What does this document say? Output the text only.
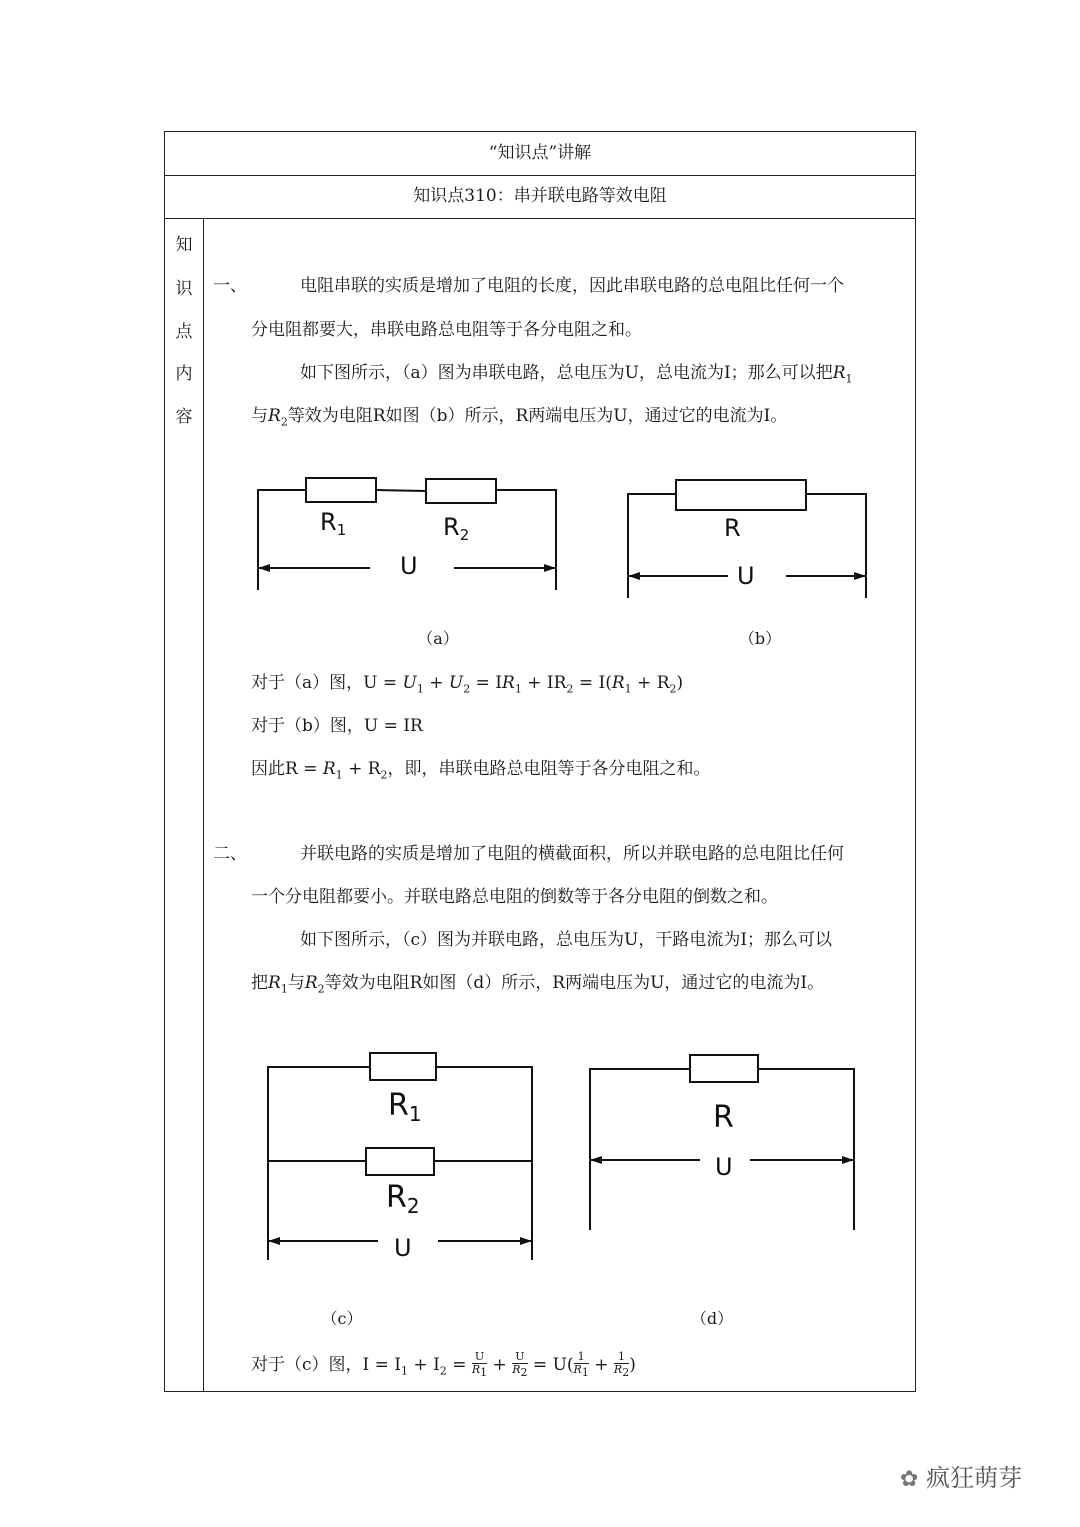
“知识点”讲解
知识点310：串并联电路等效电阻
知
识
点
内
容
一、	电阻串联的实质是增加了电阻的长度，因此串联电路的总电阻比任何一个
分电阻都要大，串联电路总电阻等于各分电阻之和。
如下图所示，（a）图为串联电路，总电压为U，总电流为I；那么可以把$R_1$
与$R_2$等效为电阻R如图（b）所示，R两端电压为U，通过它的电流为I。
$R_1$	$R_2$
U
R
U
（a）	（b）
对于（a）图，$U = U_1 + U_2 = IR_1 + IR_2 = I(R_1 + R_2)$
对于（b）图，U = IR
因此$R = R_1 + R_2$，即，串联电路总电阻等于各分电阻之和。
二、	并联电路的实质是增加了电阻的横截面积，所以并联电路的总电阻比任何
一个分电阻都要小。并联电路总电阻的倒数等于各分电阻的倒数之和。
如下图所示，（c）图为并联电路，总电压为U，干路电流为I；那么可以
把$R_1$与$R_2$等效为电阻R如图（d）所示，R两端电压为U，通过它的电流为I。
$R_1$
$R_2$
U
R
U
（c）	（d）
对于（c）图，$I = I_1 + I_2 = \frac{U}{R_1} + \frac{U}{R_2} = U( \frac{1}{R_1} + \frac{1}{R_2}$ )
✿ 疯狂萌芽
